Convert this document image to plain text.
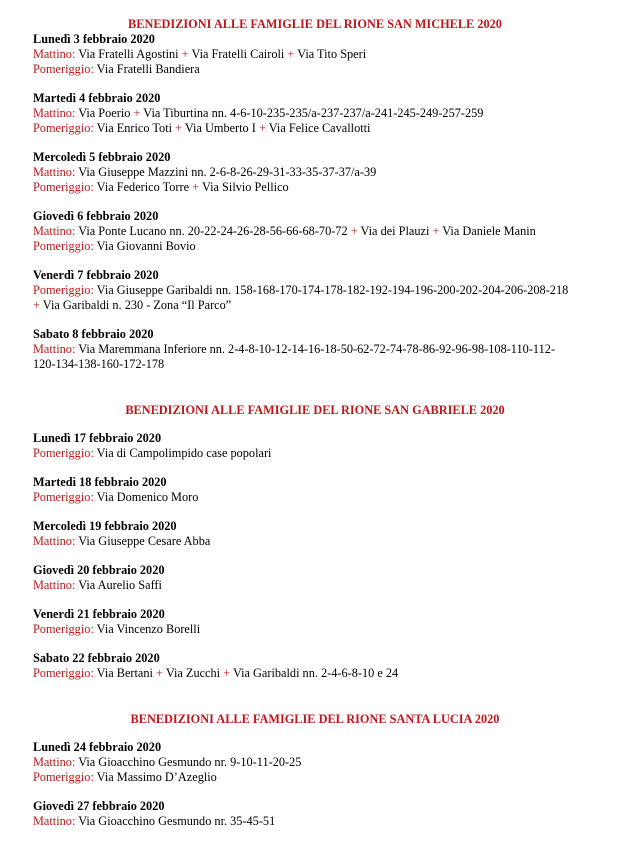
BENEDIZIONI ALLE FAMIGLIE DEL RIONE SAN MICHELE 2020

Lunedì 3 febbraio 2020
Mattino: Via Fratelli Agostini + Via Fratelli Cairoli + Via Tito Speri
Pomeriggio: Via Fratelli Bandiera
Martedì 4 febbraio 2020
Mattino: Via Poerio + Via Tiburtina nn. 4-6-10-235-235/a-237-237/a-241-245-249-257-259
Pomeriggio: Via Enrico Toti + Via Umberto I + Via Felice Cavallotti
Mercoledì 5 febbraio 2020
Mattino: Via Giuseppe Mazzini nn. 2-6-8-26-29-31-33-35-37-37/a-39
Pomeriggio: Via Federico Torre + Via Silvio Pellico
Giovedì 6 febbraio 2020
Mattino: Via Ponte Lucano nn. 20-22-24-26-28-56-66-68-70-72 + Via dei Plauzi + Via Daniele Manin
Pomeriggio: Via Giovanni Bovio
Venerdì 7 febbraio 2020
Pomeriggio: Via Giuseppe Garibaldi nn. 158-168-170-174-178-182-192-194-196-200-202-204-206-208-218
+ Via Garibaldi n. 230 - Zona “Il Parco”
Sabato 8 febbraio 2020
Mattino: Via Maremmana Inferiore nn. 2-4-8-10-12-14-16-18-50-62-72-74-78-86-92-96-98-108-110-112-
120-134-138-160-172-178

BENEDIZIONI ALLE FAMIGLIE DEL RIONE SAN GABRIELE 2020

Lunedì 17 febbraio 2020
Pomeriggio: Via di Campolimpido case popolari
Martedì 18 febbraio 2020
Pomeriggio: Via Domenico Moro
Mercoledì 19 febbraio 2020
Mattino: Via Giuseppe Cesare Abba
Giovedì 20 febbraio 2020
Mattino: Via Aurelio Saffi
Venerdì 21 febbraio 2020
Pomeriggio: Via Vincenzo Borelli
Sabato 22 febbraio 2020
Pomeriggio: Via Bertani + Via Zucchi + Via Garibaldi nn. 2-4-6-8-10 e 24

BENEDIZIONI ALLE FAMIGLIE DEL RIONE SANTA LUCIA 2020

Lunedì 24 febbraio 2020
Mattino: Via Gioacchino Gesmundo nr. 9-10-11-20-25
Pomeriggio: Via Massimo D’Azeglio
Giovedì 27 febbraio 2020
Mattino: Via Gioacchino Gesmundo nr. 35-45-51
